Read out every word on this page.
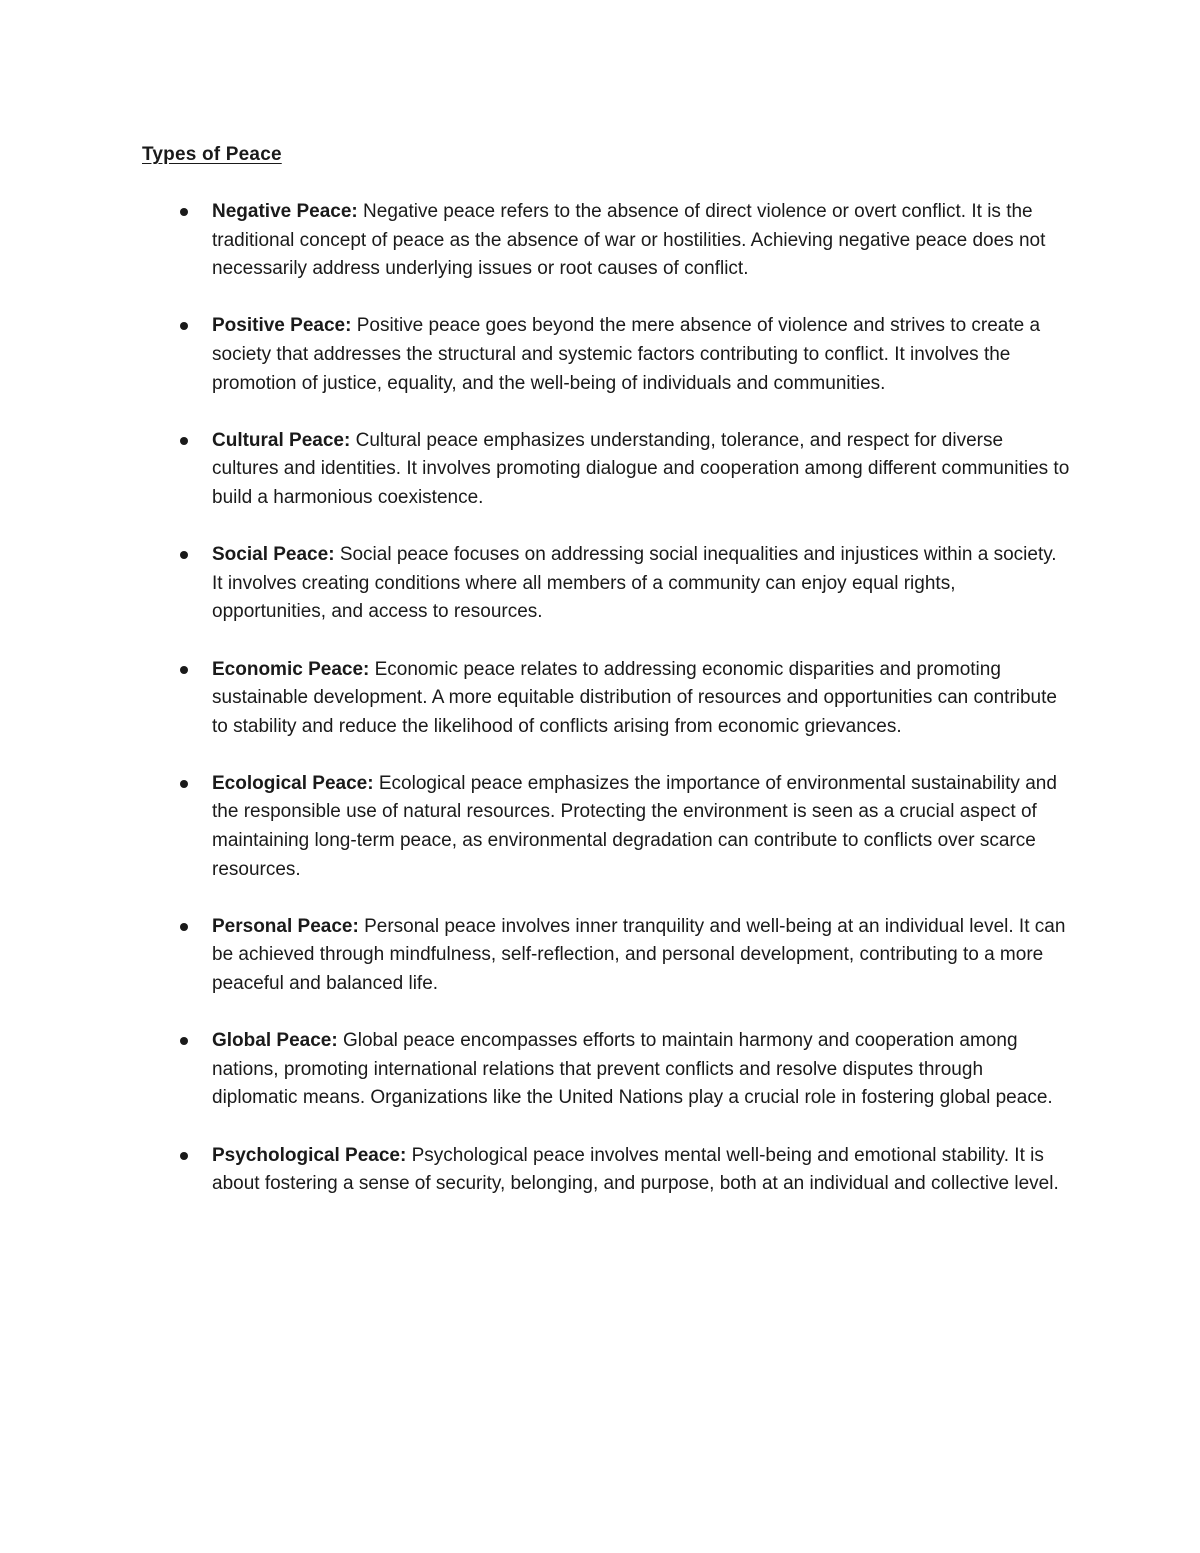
Types of Peace
Negative Peace: Negative peace refers to the absence of direct violence or overt conflict. It is the traditional concept of peace as the absence of war or hostilities. Achieving negative peace does not necessarily address underlying issues or root causes of conflict.
Positive Peace: Positive peace goes beyond the mere absence of violence and strives to create a society that addresses the structural and systemic factors contributing to conflict. It involves the promotion of justice, equality, and the well-being of individuals and communities.
Cultural Peace: Cultural peace emphasizes understanding, tolerance, and respect for diverse cultures and identities. It involves promoting dialogue and cooperation among different communities to build a harmonious coexistence.
Social Peace: Social peace focuses on addressing social inequalities and injustices within a society. It involves creating conditions where all members of a community can enjoy equal rights, opportunities, and access to resources.
Economic Peace: Economic peace relates to addressing economic disparities and promoting sustainable development. A more equitable distribution of resources and opportunities can contribute to stability and reduce the likelihood of conflicts arising from economic grievances.
Ecological Peace: Ecological peace emphasizes the importance of environmental sustainability and the responsible use of natural resources. Protecting the environment is seen as a crucial aspect of maintaining long-term peace, as environmental degradation can contribute to conflicts over scarce resources.
Personal Peace: Personal peace involves inner tranquility and well-being at an individual level. It can be achieved through mindfulness, self-reflection, and personal development, contributing to a more peaceful and balanced life.
Global Peace: Global peace encompasses efforts to maintain harmony and cooperation among nations, promoting international relations that prevent conflicts and resolve disputes through diplomatic means. Organizations like the United Nations play a crucial role in fostering global peace.
Psychological Peace: Psychological peace involves mental well-being and emotional stability. It is about fostering a sense of security, belonging, and purpose, both at an individual and collective level.
